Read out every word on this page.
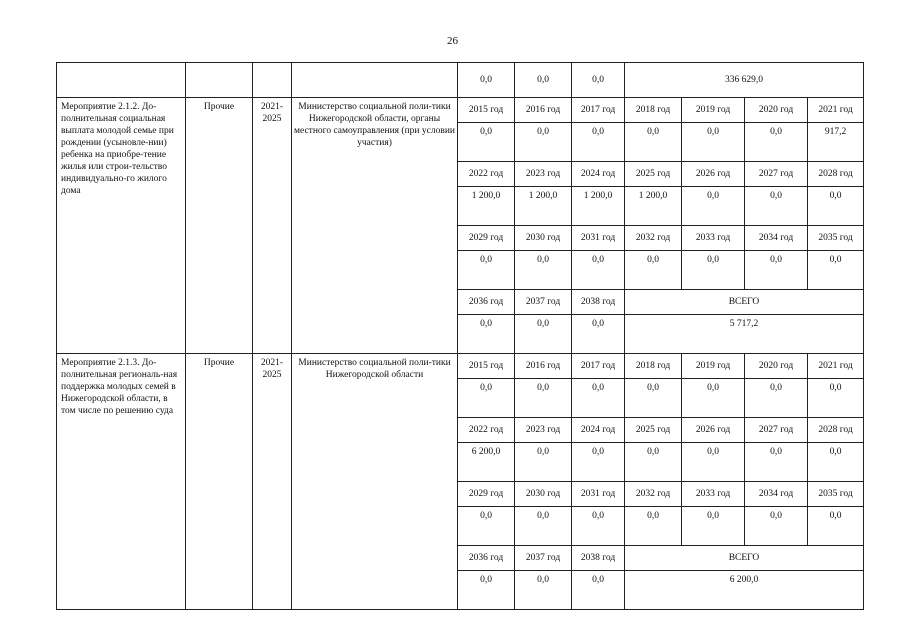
26
				0,0	0,0	0,0	336 629,0			
Мероприятие 2.1.2. До-полнительная социальная выплата молодой семье при рождении (усыновле-нии) ребенка на приобре-тение жилья или строи-тельство индивидуально-го жилого дома	Прочие	2021-2025	Министерство социальной поли-тики Нижегородской области, органы местного самоуправления (при условии участия)	2015 год	2016 год	2017 год	2018 год	2019 год	2020 год	2021 год
				0,0	0,0	0,0	0,0	0,0	0,0	917,2
				2022 год	2023 год	2024 год	2025 год	2026 год	2027 год	2028 год
				1 200,0	1 200,0	1 200,0	1 200,0	0,0	0,0	0,0
				2029 год	2030 год	2031 год	2032 год	2033 год	2034 год	2035 год
				0,0	0,0	0,0	0,0	0,0	0,0	0,0
				2036 год	2037 год	2038 год	ВСЕГО			
				0,0	0,0	0,0	5 717,2			
Мероприятие 2.1.3. До-полнительная региональ-ная поддержка молодых семей в Нижегородской области, в том числе по решению суда	Прочие	2021-2025	Министерство социальной поли-тики Нижегородской области	2015 год	2016 год	2017 год	2018 год	2019 год	2020 год	2021 год
				0,0	0,0	0,0	0,0	0,0	0,0	0,0
				2022 год	2023 год	2024 год	2025 год	2026 год	2027 год	2028 год
				6 200,0	0,0	0,0	0,0	0,0	0,0	0,0
				2029 год	2030 год	2031 год	2032 год	2033 год	2034 год	2035 год
				0,0	0,0	0,0	0,0	0,0	0,0	0,0
				2036 год	2037 год	2038 год	ВСЕГО			
				0,0	0,0	0,0	6 200,0			
